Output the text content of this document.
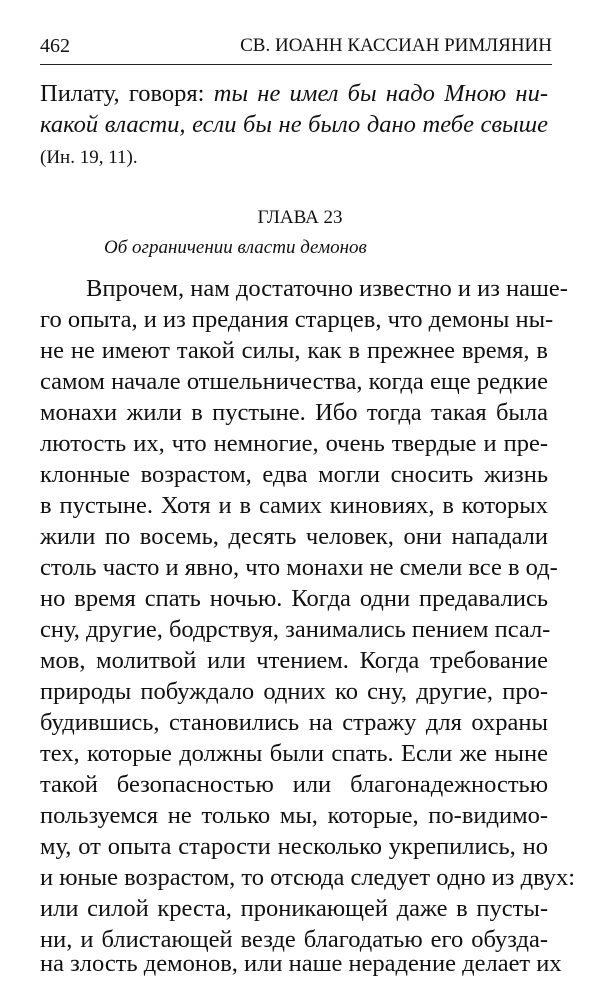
462	СВ. ИОАНН КАССИАН РИМЛЯНИН
Пилату, говоря: ты не имел бы надо Мною ни-
какой власти, если бы не было дано тебе свыше
(Ин. 19, 11).
ГЛАВА 23
Об ограничении власти демонов
Впрочем, нам достаточно известно и из наше-
го опыта, и из предания старцев, что демоны ны-
не не имеют такой силы, как в прежнее время, в
самом начале отшельничества, когда еще редкие
монахи жили в пустыне. Ибо тогда такая была
лютость их, что немногие, очень твердые и пре-
клонные возрастом, едва могли сносить жизнь
в пустыне. Хотя и в самих киновиях, в которых
жили по восемь, десять человек, они нападали
столь часто и явно, что монахи не смели все в од-
но время спать ночью. Когда одни предавались
сну, другие, бодрствуя, занимались пением псал-
мов, молитвой или чтением. Когда требование
природы побуждало одних ко сну, другие, про-
будившись, становились на стражу для охраны
тех, которые должны были спать. Если же ныне
такой безопасностью или благонадежностью
пользуемся не только мы, которые, по-видимо-
му, от опыта старости несколько укрепились, но
и юные возрастом, то отсюда следует одно из двух:
или силой креста, проникающей даже в пусты-
ни, и блистающей везде благодатью его обузда-
на злость демонов, или наше нерадение делает их
